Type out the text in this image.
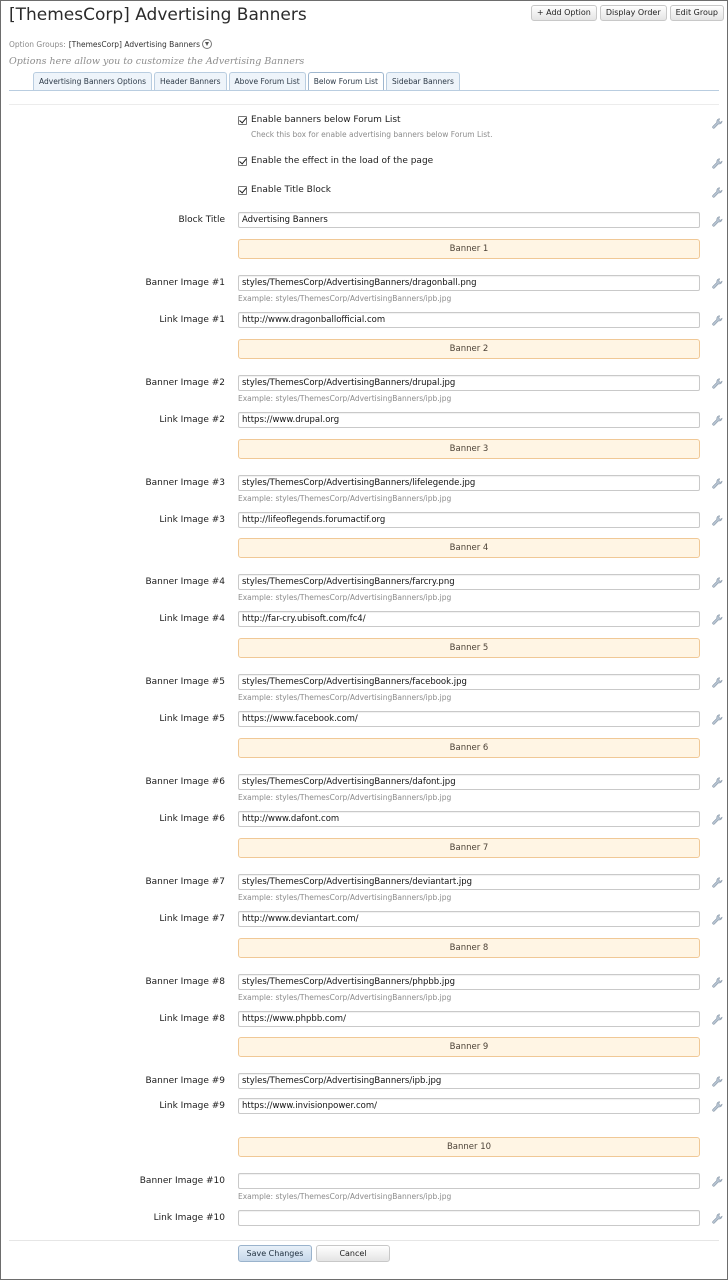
[ThemesCorp] Advertising Banners	+ Add Option	Display Order	Edit Group
Option Groups: [ThemesCorp] Advertising Banners
Options here allow you to customize the Advertising Banners
Advertising Banners Options	Header Banners	Above Forum List	Below Forum List	Sidebar Banners
Enable banners below Forum List
Check this box for enable advertising banners below Forum List.
Enable the effect in the load of the page
Enable Title Block
Block Title	Advertising Banners
Banner 1
Banner Image #1	styles/ThemesCorp/AdvertisingBanners/dragonball.png
Example: styles/ThemesCorp/AdvertisingBanners/ipb.jpg
Link Image #1	http://www.dragonballofficial.com
Banner 2
Banner Image #2	styles/ThemesCorp/AdvertisingBanners/drupal.jpg
Example: styles/ThemesCorp/AdvertisingBanners/ipb.jpg
Link Image #2	https://www.drupal.org
Banner 3
Banner Image #3	styles/ThemesCorp/AdvertisingBanners/lifelegende.jpg
Example: styles/ThemesCorp/AdvertisingBanners/ipb.jpg
Link Image #3	http://lifeoflegends.forumactif.org
Banner 4
Banner Image #4	styles/ThemesCorp/AdvertisingBanners/farcry.png
Example: styles/ThemesCorp/AdvertisingBanners/ipb.jpg
Link Image #4	http://far-cry.ubisoft.com/fc4/
Banner 5
Banner Image #5	styles/ThemesCorp/AdvertisingBanners/facebook.jpg
Example: styles/ThemesCorp/AdvertisingBanners/ipb.jpg
Link Image #5	https://www.facebook.com/
Banner 6
Banner Image #6	styles/ThemesCorp/AdvertisingBanners/dafont.jpg
Example: styles/ThemesCorp/AdvertisingBanners/ipb.jpg
Link Image #6	http://www.dafont.com
Banner 7
Banner Image #7	styles/ThemesCorp/AdvertisingBanners/deviantart.jpg
Example: styles/ThemesCorp/AdvertisingBanners/ipb.jpg
Link Image #7	http://www.deviantart.com/
Banner 8
Banner Image #8	styles/ThemesCorp/AdvertisingBanners/phpbb.jpg
Example: styles/ThemesCorp/AdvertisingBanners/ipb.jpg
Link Image #8	https://www.phpbb.com/
Banner 9
Banner Image #9	styles/ThemesCorp/AdvertisingBanners/ipb.jpg
Link Image #9	https://www.invisionpower.com/
Banner 10
Banner Image #10
Example: styles/ThemesCorp/AdvertisingBanners/ipb.jpg
Link Image #10
Save Changes	Cancel
